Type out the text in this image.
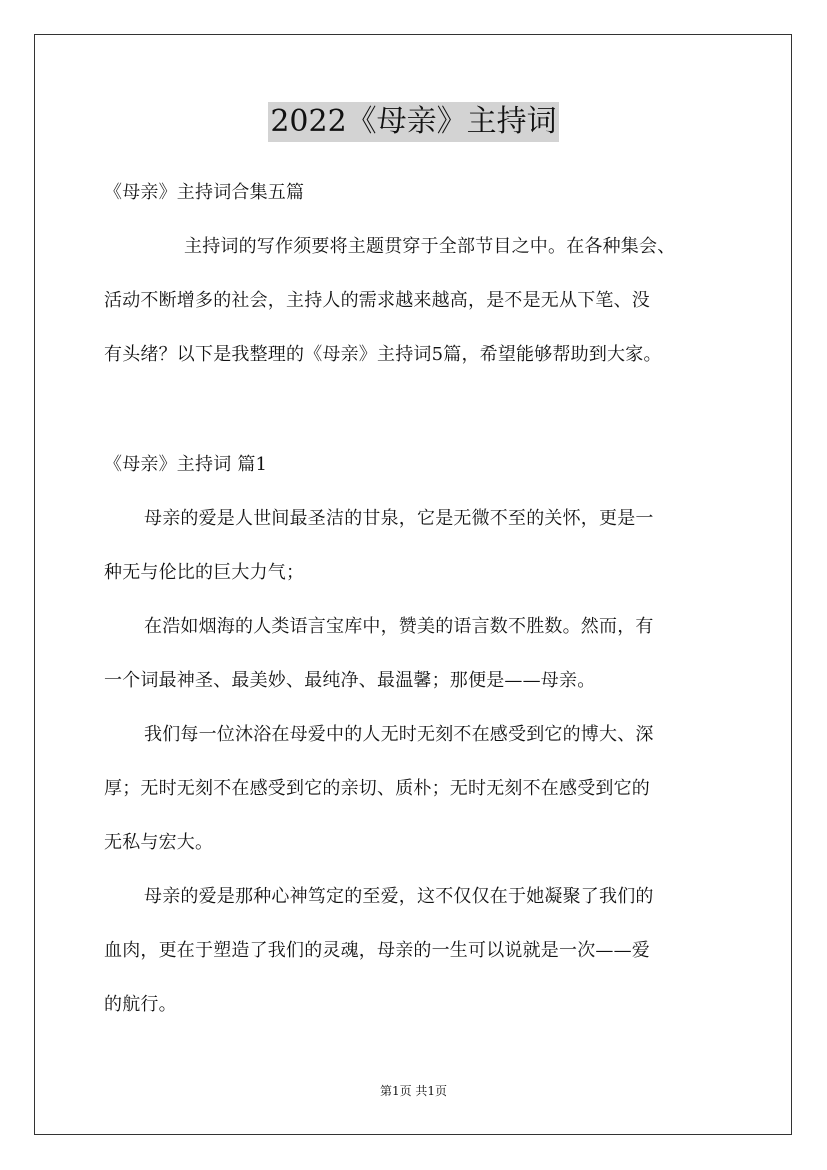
2022《母亲》主持词
《母亲》主持词合集五篇
主持词的写作须要将主题贯穿于全部节目之中。在各种集会、
活动不断增多的社会，主持人的需求越来越高，是不是无从下笔、没
有头绪？以下是我整理的《母亲》主持词5篇，希望能够帮助到大家。
《母亲》主持词 篇1
母亲的爱是人世间最圣洁的甘泉，它是无微不至的关怀，更是一
种无与伦比的巨大力气；
在浩如烟海的人类语言宝库中，赞美的语言数不胜数。然而，有
一个词最神圣、最美妙、最纯净、最温馨；那便是——母亲。
我们每一位沐浴在母爱中的人无时无刻不在感受到它的博大、深
厚；无时无刻不在感受到它的亲切、质朴；无时无刻不在感受到它的
无私与宏大。
母亲的爱是那种心神笃定的至爱，这不仅仅在于她凝聚了我们的
血肉，更在于塑造了我们的灵魂，母亲的一生可以说就是一次——爱
的航行。
第1页 共1页
